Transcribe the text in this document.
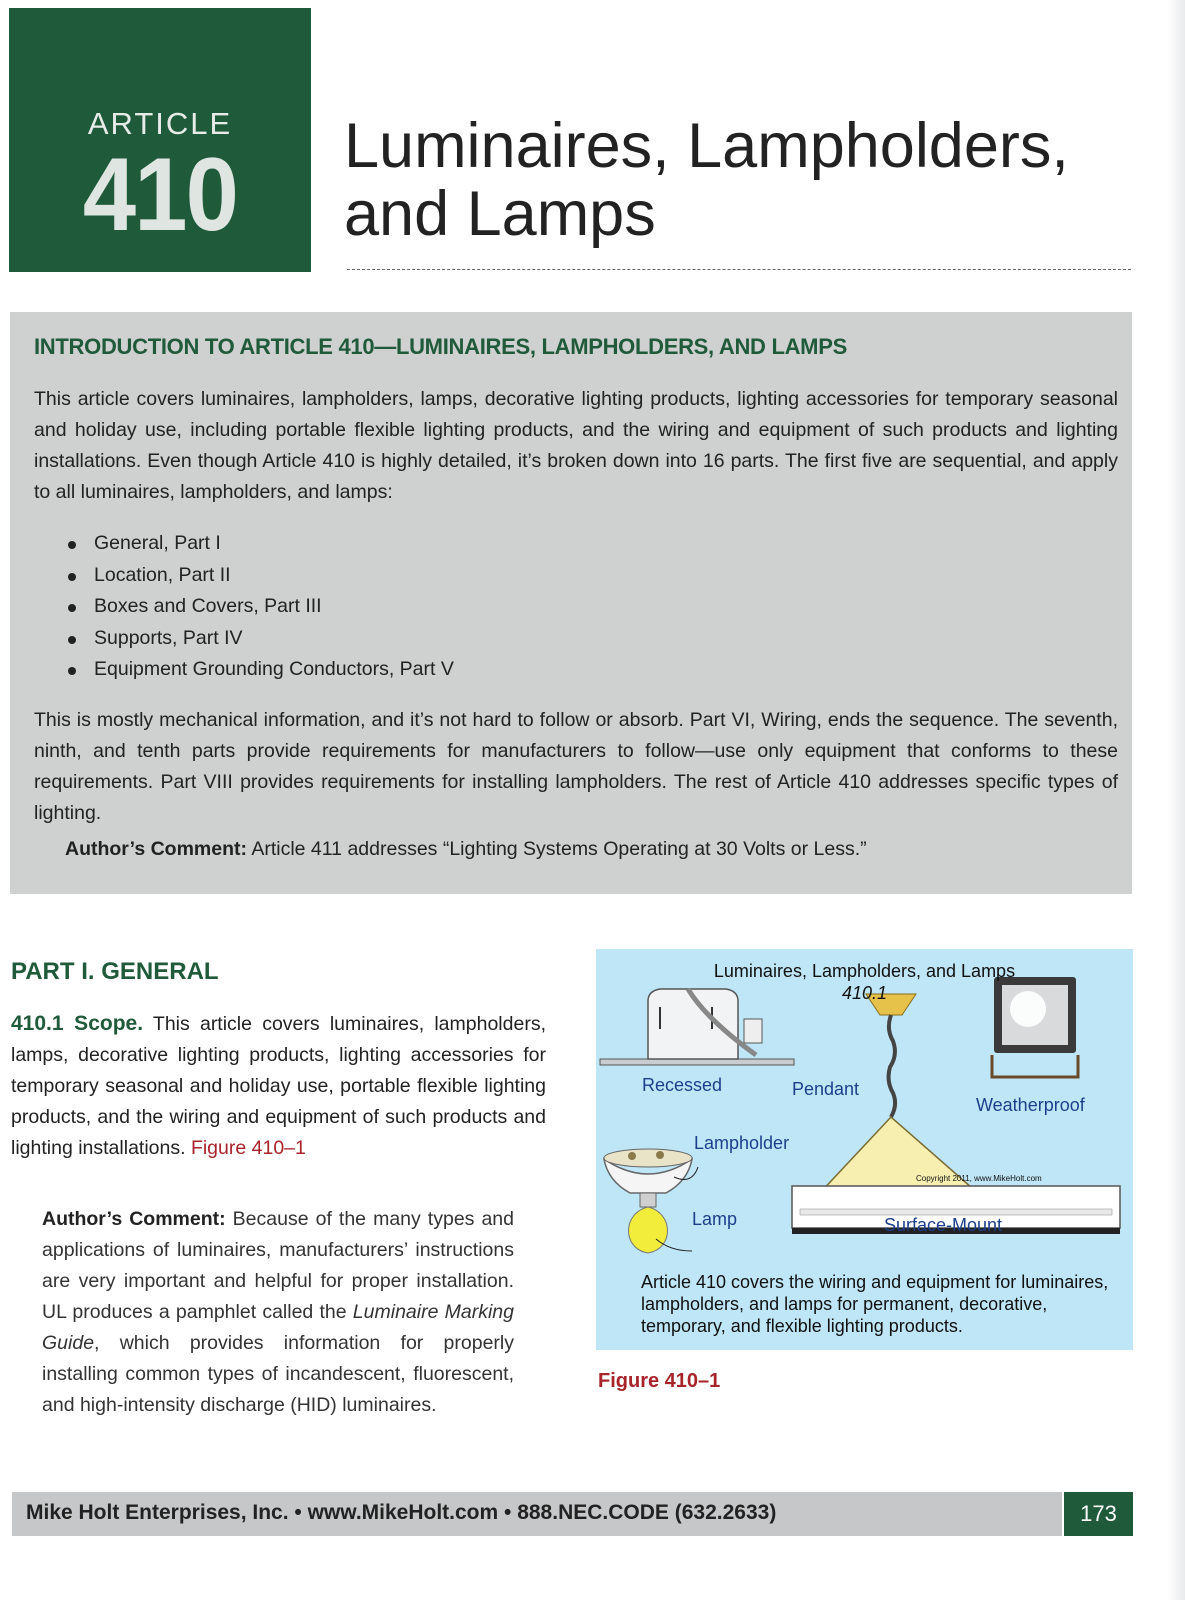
ARTICLE
410	Luminaires, Lampholders,
and Lamps
INTRODUCTION TO ARTICLE 410—LUMINAIRES, LAMPHOLDERS, AND LAMPS

This article covers luminaires, lampholders, lamps, decorative lighting products, lighting accessories for temporary seasonal and holiday use, including portable flexible lighting products, and the wiring and equipment of such products and lighting installations. Even though Article 410 is highly detailed, it’s broken down into 16 parts. The first five are sequential, and apply to all luminaires, lampholders, and lamps:

General, Part I
Location, Part II
Boxes and Covers, Part III
Supports, Part IV
Equipment Grounding Conductors, Part V

This is mostly mechanical information, and it’s not hard to follow or absorb. Part VI, Wiring, ends the sequence. The seventh, ninth, and tenth parts provide requirements for manufacturers to follow—use only equipment that conforms to these requirements. Part VIII provides requirements for installing lampholders. The rest of Article 410 addresses specific types of lighting.

Author’s Comment: Article 411 addresses “Lighting Systems Operating at 30 Volts or Less.”

PART I. GENERAL

410.1 Scope. This article covers luminaires, lampholders, lamps, decorative lighting products, lighting accessories for temporary seasonal and holiday use, portable flexible lighting products, and the wiring and equipment of such products and lighting installations. Figure 410–1

Author’s Comment: Because of the many types and applications of luminaires, manufacturers’ instructions are very important and helpful for proper installation. UL produces a pamphlet called the Luminaire Marking Guide, which provides information for properly installing common types of incandescent, fluorescent, and high-intensity discharge (HID) luminaires.

Luminaires, Lampholders, and Lamps
410.1
Recessed	Pendant
Weatherproof
Lampholder
Lamp	Surface-Mount
Copyright 2011, www.MikeHolt.com
Article 410 covers the wiring and equipment for luminaires, lampholders, and lamps for permanent, decorative, temporary, and flexible lighting products.
Figure 410–1
Mike Holt Enterprises, Inc. • www.MikeHolt.com • 888.NEC.CODE (632.2633)	173
